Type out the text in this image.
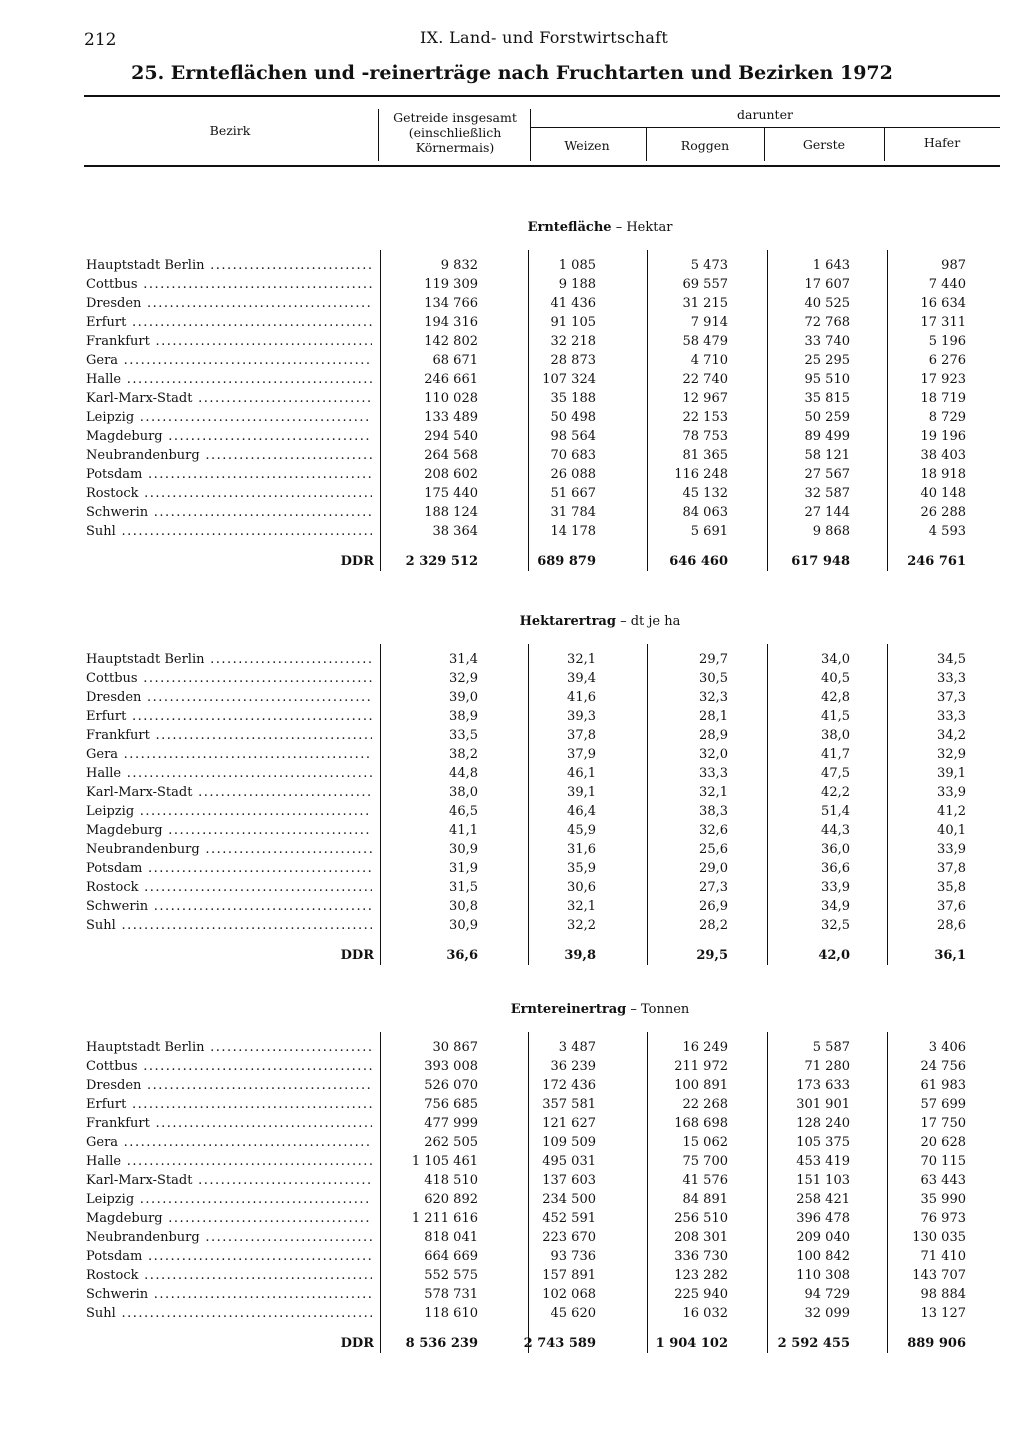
212	IX. Land- und Forstwirtschaft
25. Ernteflächen und -reinerträge nach Fruchtarten und Bezirken 1972
Bezirk
Getreide insgesamt (einschließlich Körnermais)
darunter
Weizen	Roggen	Gerste	Hafer
Erntefläche – Hektar
Hauptstadt Berlin .....	9 832	1 085	5 473	1 643	987
Cottbus .....	119 309	9 188	69 557	17 607	7 440
Dresden .....	134 766	41 436	31 215	40 525	16 634
Erfurt .....	194 316	91 105	7 914	72 768	17 311
Frankfurt .....	142 802	32 218	58 479	33 740	5 196
Gera .....	68 671	28 873	4 710	25 295	6 276
Halle .....	246 661	107 324	22 740	95 510	17 923
Karl-Marx-Stadt .....	110 028	35 188	12 967	35 815	18 719
Leipzig .....	133 489	50 498	22 153	50 259	8 729
Magdeburg .....	294 540	98 564	78 753	89 499	19 196
Neubrandenburg .....	264 568	70 683	81 365	58 121	38 403
Potsdam .....	208 602	26 088	116 248	27 567	18 918
Rostock .....	175 440	51 667	45 132	32 587	40 148
Schwerin .....	188 124	31 784	84 063	27 144	26 288
Suhl .....	38 364	14 178	5 691	9 868	4 593
DDR 2 329 512	689 879	646 460	617 948	246 761
Hektarertrag – dt je ha
Hauptstadt Berlin .....	31,4	32,1	29,7	34,0	34,5
Cottbus .....	32,9	39,4	30,5	40,5	33,3
Dresden .....	39,0	41,6	32,3	42,8	37,3
Erfurt .....	38,9	39,3	28,1	41,5	33,3
Frankfurt .....	33,5	37,8	28,9	38,0	34,2
Gera .....	38,2	37,9	32,0	41,7	32,9
Halle .....	44,8	46,1	33,3	47,5	39,1
Karl-Marx-Stadt .....	38,0	39,1	32,1	42,2	33,9
Leipzig .....	46,5	46,4	38,3	51,4	41,2
Magdeburg .....	41,1	45,9	32,6	44,3	40,1
Neubrandenburg .....	30,9	31,6	25,6	36,0	33,9
Potsdam .....	31,9	35,9	29,0	36,6	37,8
Rostock .....	31,5	30,6	27,3	33,9	35,8
Schwerin .....	30,8	32,1	26,9	34,9	37,6
Suhl .....	30,9	32,2	28,2	32,5	28,6
DDR	36,6	39,8	29,5	42,0	36,1
Erntereinertrag – Tonnen
Hauptstadt Berlin .....	30 867	3 487	16 249	5 587	3 406
Cottbus .....	393 008	36 239	211 972	71 280	24 756
Dresden .....	526 070	172 436	100 891	173 633	61 983
Erfurt .....	756 685	357 581	22 268	301 901	57 699
Frankfurt .....	477 999	121 627	168 698	128 240	17 750
Gera .....	262 505	109 509	15 062	105 375	20 628
Halle .....	1 105 461	495 031	75 700	453 419	70 115
Karl-Marx-Stadt .....	418 510	137 603	41 576	151 103	63 443
Leipzig .....	620 892	234 500	84 891	258 421	35 990
Magdeburg .....	1 211 616	452 591	256 510	396 478	76 973
Neubrandenburg .....	818 041	223 670	208 301	209 040	130 035
Potsdam .....	664 669	93 736	336 730	100 842	71 410
Rostock .....	552 575	157 891	123 282	110 308	143 707
Schwerin .....	578 731	102 068	225 940	94 729	98 884
Suhl .....	118 610	45 620	16 032	32 099	13 127
DDR 8 536 239	2 743 589	1 904 102	2 592 455	889 906
